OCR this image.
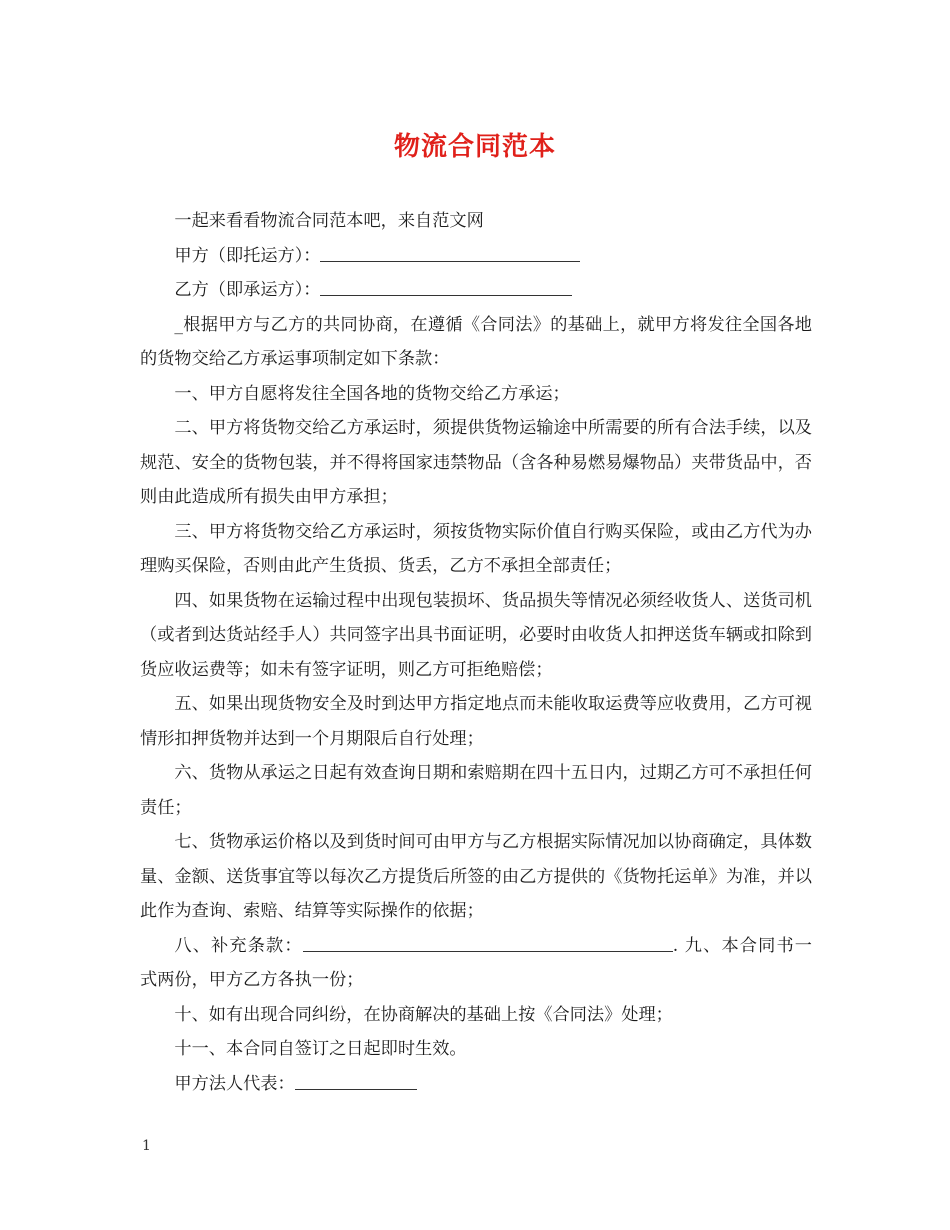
物流合同范本

一起来看看物流合同范本吧，来自范文网

甲方（即托运方）：

乙方（即承运方）：

_根据甲方与乙方的共同协商，在遵循《合同法》的基础上，就甲方将发往全国各地的货物交给乙方承运事项制定如下条款：

一、甲方自愿将发往全国各地的货物交给乙方承运；

二、甲方将货物交给乙方承运时，须提供货物运输途中所需要的所有合法手续，以及规范、安全的货物包装，并不得将国家违禁物品（含各种易燃易爆物品）夹带货品中，否则由此造成所有损失由甲方承担；

三、甲方将货物交给乙方承运时，须按货物实际价值自行购买保险，或由乙方代为办理购买保险，否则由此产生货损、货丢，乙方不承担全部责任；

四、如果货物在运输过程中出现包装损坏、货品损失等情况必须经收货人、送货司机（或者到达货站经手人）共同签字出具书面证明，必要时由收货人扣押送货车辆或扣除到货应收运费等；如未有签字证明，则乙方可拒绝赔偿；

五、如果出现货物安全及时到达甲方指定地点而未能收取运费等应收费用，乙方可视情形扣押货物并达到一个月期限后自行处理；

六、货物从承运之日起有效查询日期和索赔期在四十五日内，过期乙方可不承担任何责任；

七、货物承运价格以及到货时间可由甲方与乙方根据实际情况加以协商确定，具体数量、金额、送货事宜等以每次乙方提货后所签的由乙方提供的《货物托运单》为准，并以此作为查询、索赔、结算等实际操作的依据；

八、补充条款：	. 九、本合同书一式两份，甲方乙方各执一份；

十、如有出现合同纠纷，在协商解决的基础上按《合同法》处理；

十一、本合同自签订之日起即时生效。

甲方法人代表：

1
